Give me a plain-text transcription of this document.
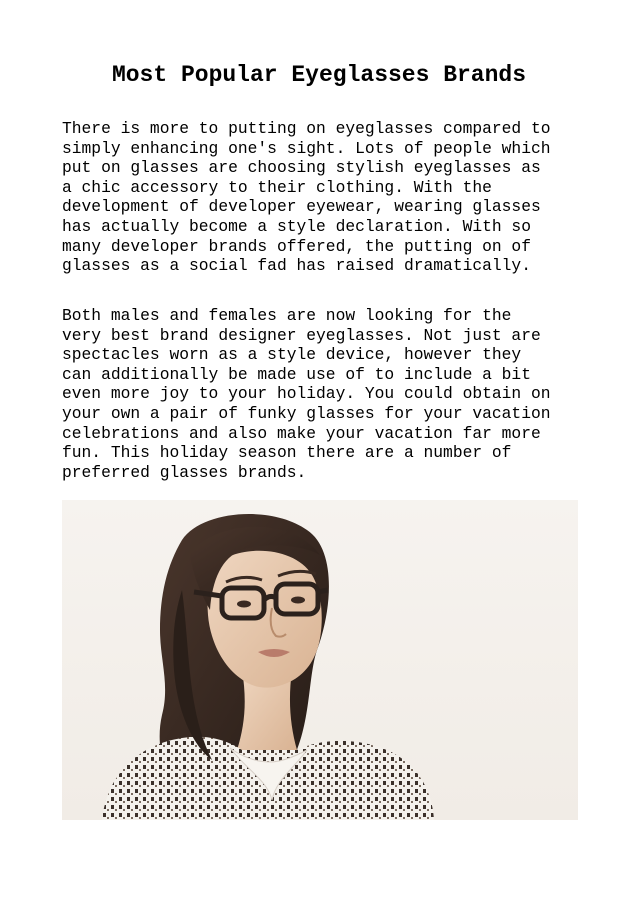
Most Popular Eyeglasses Brands

There is more to putting on eyeglasses compared to
simply enhancing one's sight. Lots of people which
put on glasses are choosing stylish eyeglasses as
a chic accessory to their clothing. With the
development of developer eyewear, wearing glasses
has actually become a style declaration. With so
many developer brands offered, the putting on of
glasses as a social fad has raised dramatically.

Both males and females are now looking for the
very best brand designer eyeglasses. Not just are
spectacles worn as a style device, however they
can additionally be made use of to include a bit
even more joy to your holiday. You could obtain on
your own a pair of funky glasses for your vacation
celebrations and also make your vacation far more
fun. This holiday season there are a number of
preferred glasses brands.
